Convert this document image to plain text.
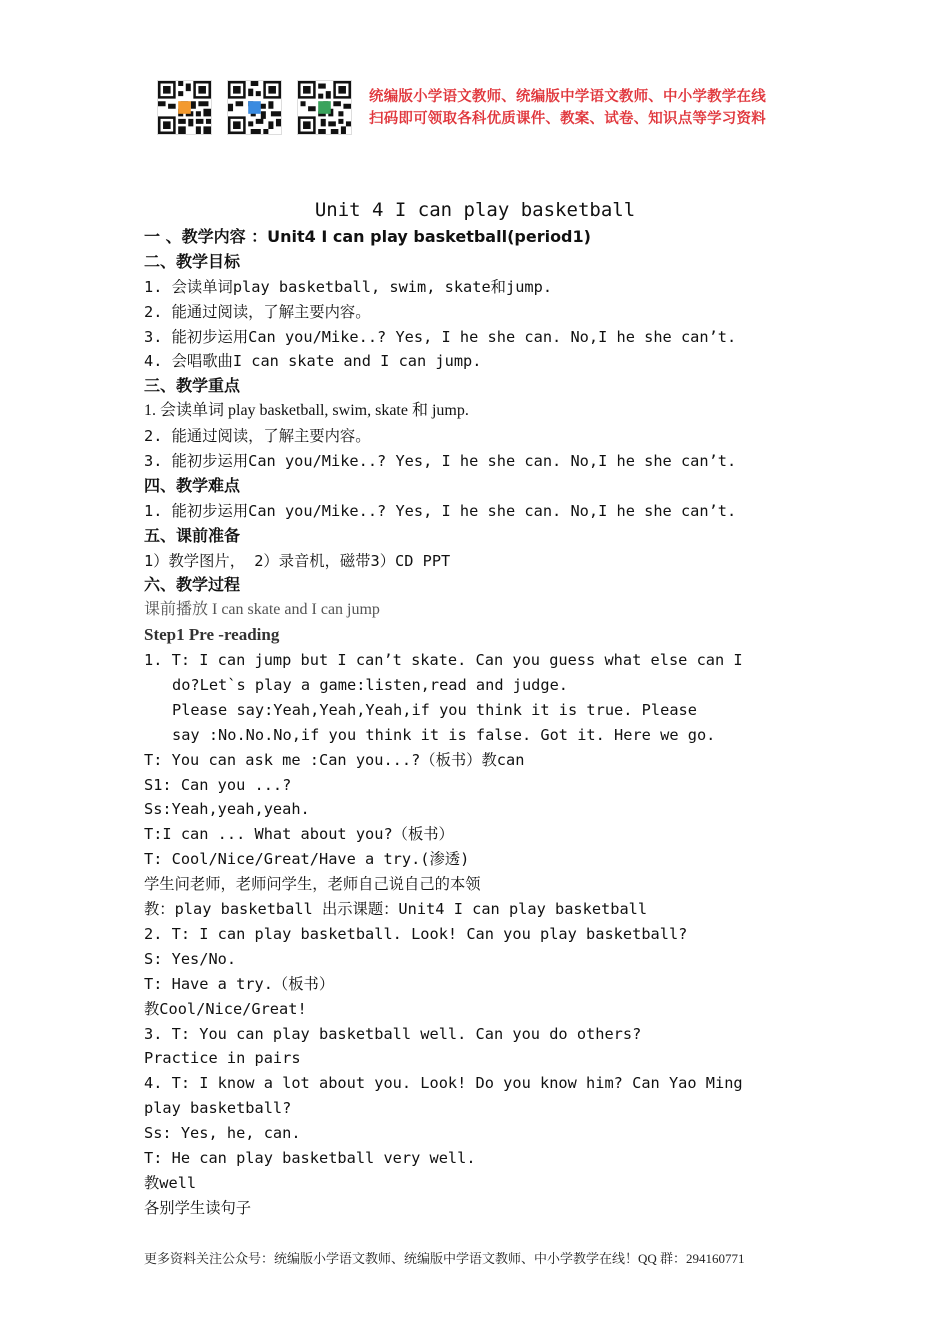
统编版小学语文教师、统编版中学语文教师、中小学教学在线
扫码即可领取各科优质课件、教案、试卷、知识点等学习资料
Unit 4 I can play basketball
一 、教学内容 ：Unit4 I can play basketball(period1)
二、教学目标
1. 会读单词play basketball, swim, skate和jump.
2. 能通过阅读，了解主要内容。
3. 能初步运用Can you/Mike..? Yes, I he she can. No,I he she can’t.
4. 会唱歌曲I can skate and I can jump.
三、教学重点
1. 会读单词 play basketball, swim, skate 和 jump.
2. 能通过阅读，了解主要内容。
3. 能初步运用Can you/Mike..? Yes, I he she can. No,I he she can’t.
四、教学难点
1. 能初步运用Can you/Mike..? Yes, I he she can. No,I he she can’t.
五、课前准备
1）教学图片， 2）录音机，磁带3）CD PPT
六、教学过程
课前播放 I can skate and I can jump
Step1 Pre -reading
1. T: I can jump but I can’t skate. Can you guess what else can I
do?Let`s play a game:listen,read and judge.
Please say:Yeah,Yeah,Yeah,if you think it is true. Please
say :No.No.No,if you think it is false. Got it. Here we go.
T: You can ask me :Can you...?（板书）教can
S1: Can you ...?
Ss:Yeah,yeah,yeah.
T:I can ... What about you?（板书）
T: Cool/Nice/Great/Have a try.(渗透)
学生问老师，老师问学生，老师自己说自己的本领
教：play basketball 出示课题：Unit4 I can play basketball
2. T: I can play basketball. Look! Can you play basketball?
S: Yes/No.
T: Have a try.（板书）
教Cool/Nice/Great!
3. T: You can play basketball well. Can you do others?
Practice in pairs
4. T: I know a lot about you. Look! Do you know him? Can Yao Ming
play basketball?
Ss: Yes, he, can.
T: He can play basketball very well.
教well
各别学生读句子
更多资料关注公众号：统编版小学语文教师、统编版中学语文教师、中小学教学在线！QQ 群：294160771
